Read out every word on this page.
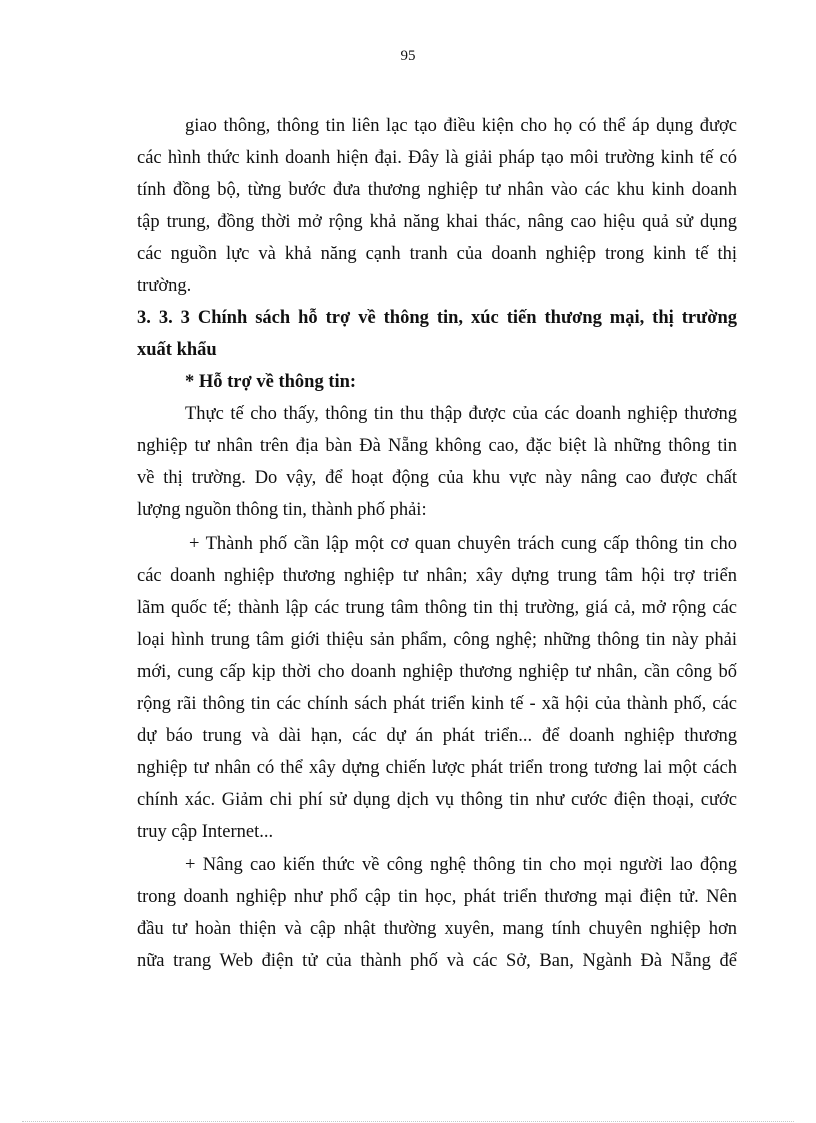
95
giao thông, thông tin liên lạc tạo điều kiện cho họ có thể áp dụng được
các hình thức kinh doanh hiện đại. Đây là giải pháp tạo môi trường kinh tế có
tính đồng bộ, từng bước đưa thương nghiệp tư nhân vào các khu kinh doanh
tập trung, đồng thời mở rộng khả năng khai thác, nâng cao hiệu quả sử dụng
các nguồn lực và khả năng cạnh tranh của doanh nghiệp trong kinh tế thị
trường.
3. 3. 3 Chính sách hỗ trợ về thông tin, xúc tiến thương mại, thị trường
xuất khẩu
* Hỗ trợ về thông tin:
Thực tế cho thấy, thông tin thu thập được của các doanh nghiệp thương
nghiệp tư nhân trên địa bàn Đà Nẵng không cao, đặc biệt là những thông tin
về thị trường. Do vậy, để hoạt động của khu vực này nâng cao được chất
lượng nguồn thông tin, thành phố phải:
+ Thành phố cần lập một cơ quan chuyên trách cung cấp thông tin cho
các doanh nghiệp thương nghiệp tư nhân; xây dựng trung tâm hội trợ triển
lãm quốc tế; thành lập các trung tâm thông tin thị trường, giá cả, mở rộng các
loại hình trung tâm giới thiệu sản phẩm, công nghệ; những thông tin này phải
mới, cung cấp kịp thời cho doanh nghiệp thương nghiệp tư nhân, cần công bố
rộng rãi thông tin các chính sách phát triển kinh tế - xã hội của thành phố, các
dự báo trung và dài hạn, các dự án phát triển... để doanh nghiệp thương
nghiệp tư nhân có thể xây dựng chiến lược phát triển trong tương lai một cách
chính xác. Giảm chi phí sử dụng dịch vụ thông tin như cước điện thoại, cước
truy cập Internet...
+ Nâng cao kiến thức về công nghệ thông tin cho mọi người lao động
trong doanh nghiệp như phổ cập tin học, phát triển thương mại điện tử. Nên
đầu tư hoàn thiện và cập nhật thường xuyên, mang tính chuyên nghiệp hơn
nữa trang Web điện tử của thành phố và các Sở, Ban, Ngành Đà Nẵng để
